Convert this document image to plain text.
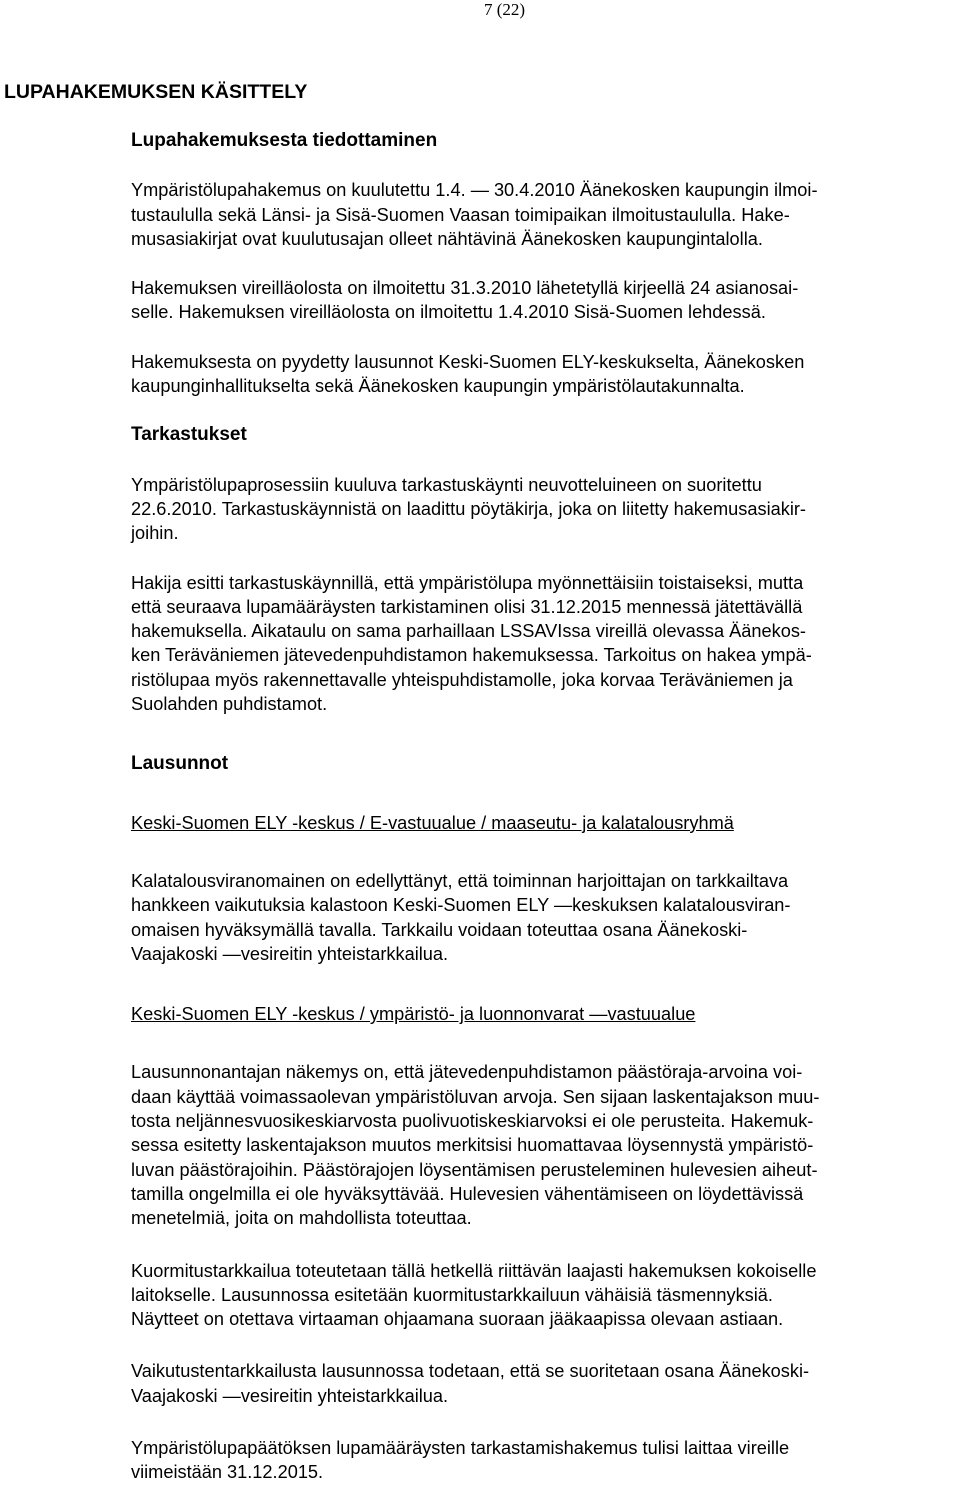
7 (22)
LUPAHAKEMUKSEN KÄSITTELY

Lupahakemuksesta tiedottaminen

Ympäristölupahakemus on kuulutettu 1.4. — 30.4.2010 Äänekosken kaupungin ilmoi-
tustaululla sekä Länsi- ja Sisä-Suomen Vaasan toimipaikan ilmoitustaululla. Hake-
musasiakirjat ovat kuulutusajan olleet nähtävinä Äänekosken kaupungintalolla.

Hakemuksen vireilläolosta on ilmoitettu 31.3.2010 lähetetyllä kirjeellä 24 asianosai-
selle. Hakemuksen vireilläolosta on ilmoitettu 1.4.2010 Sisä-Suomen lehdessä.

Hakemuksesta on pyydetty lausunnot Keski-Suomen ELY-keskukselta, Äänekosken
kaupunginhallitukselta sekä Äänekosken kaupungin ympäristölautakunnalta.

Tarkastukset

Ympäristölupaprosessiin kuuluva tarkastuskäynti neuvotteluineen on suoritettu
22.6.2010. Tarkastuskäynnistä on laadittu pöytäkirja, joka on liitetty hakemusasiakir-
joihin.

Hakija esitti tarkastuskäynnillä, että ympäristölupa myönnettäisiin toistaiseksi, mutta
että seuraava lupamääräysten tarkistaminen olisi 31.12.2015 mennessä jätettävällä
hakemuksella. Aikataulu on sama parhaillaan LSSAVIssa vireillä olevassa Äänekos-
ken Teräväniemen jätevedenpuhdistamon hakemuksessa. Tarkoitus on hakea ympä-
ristölupaa myös rakennettavalle yhteispuhdistamolle, joka korvaa Teräväniemen ja
Suolahden puhdistamot.

Lausunnot

Keski-Suomen ELY -keskus / E-vastuualue / maaseutu- ja kalatalousryhmä

Kalatalousviranomainen on edellyttänyt, että toiminnan harjoittajan on tarkkailtava
hankkeen vaikutuksia kalastoon Keski-Suomen ELY —keskuksen kalatalousviran-
omaisen hyväksymällä tavalla. Tarkkailu voidaan toteuttaa osana Äänekoski-
Vaajakoski —vesireitin yhteistarkkailua.

Keski-Suomen ELY -keskus / ympäristö- ja luonnonvarat —vastuualue

Lausunnonantajan näkemys on, että jätevedenpuhdistamon päästöraja-arvoina voi-
daan käyttää voimassaolevan ympäristöluvan arvoja. Sen sijaan laskentajakson muu-
tosta neljännesvuosikeskiarvosta puolivuotiskeskiarvoksi ei ole perusteita. Hakemuk-
sessa esitetty laskentajakson muutos merkitsisi huomattavaa löysennystä ympäristö-
luvan päästörajoihin. Päästörajojen löysentämisen perusteleminen hulevesien aiheut-
tamilla ongelmilla ei ole hyväksyttävää. Hulevesien vähentämiseen on löydettävissä
menetelmiä, joita on mahdollista toteuttaa.

Kuormitustarkkailua toteutetaan tällä hetkellä riittävän laajasti hakemuksen kokoiselle
laitokselle. Lausunnossa esitetään kuormitustarkkailuun vähäisiä täsmennyksiä.
Näytteet on otettava virtaaman ohjaamana suoraan jääkaapissa olevaan astiaan.

Vaikutustentarkkailusta lausunnossa todetaan, että se suoritetaan osana Äänekoski-
Vaajakoski —vesireitin yhteistarkkailua.

Ympäristölupapäätöksen lupamääräysten tarkastamishakemus tulisi laittaa vireille
viimeistään 31.12.2015.
